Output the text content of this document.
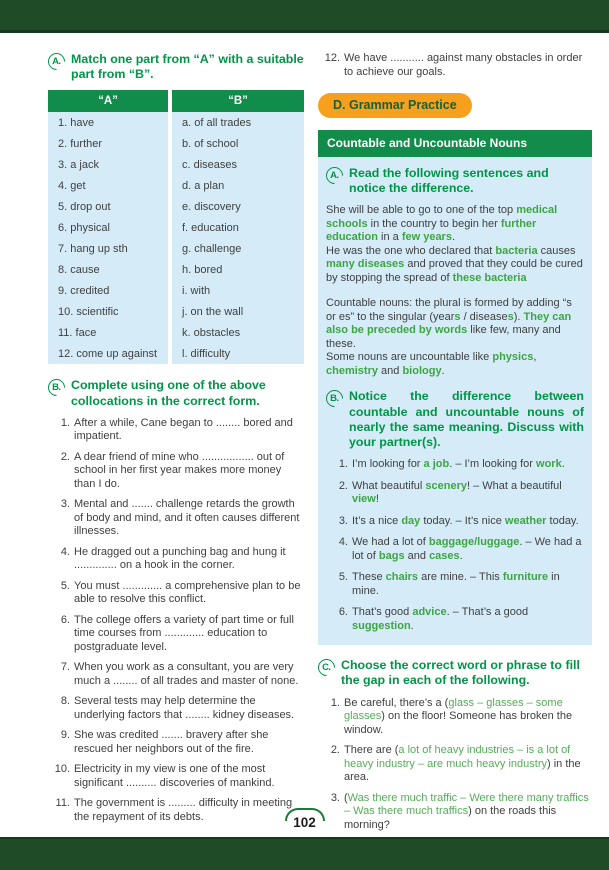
A. Match one part from “A” with a suitable part from “B”.
“A”	“B”
1. have	a. of all trades
2. further	b. of school
3. a jack	c. diseases
4. get	d. a plan
5. drop out	e. discovery
6. physical	f. education
7. hang up sth	g. challenge
8. cause	h. bored
9. credited	i. with
10. scientific	j. on the wall
11. face	k. obstacles
12. come up against	l. difficulty
B. Complete using one of the above collocations in the correct form.
1. After a while, Cane began to ........ bored and impatient.
2. A dear friend of mine who ................. out of school in her first year makes more money than I do.
3. Mental and ....... challenge retards the growth of body and mind, and it often causes different illnesses.
4. He dragged out a punching bag and hung it .............. on a hook in the corner.
5. You must ............. a comprehensive plan to be able to resolve this conflict.
6. The college offers a variety of part time or full time courses from ............. education to postgraduate level.
7. When you work as a consultant, you are very much a ........ of all trades and master of none.
8. Several tests may help determine the underlying factors that ........ kidney diseases.
9. She was credited ....... bravery after she rescued her neighbors out of the fire.
10. Electricity in my view is one of the most significant .......... discoveries of mankind.
11. The government is ......... difficulty in meeting the repayment of its debts.
12. We have ........... against many obstacles in order to achieve our goals.
D. Grammar Practice
Countable and Uncountable Nouns
A. Read the following sentences and notice the difference.

She will be able to go to one of the top medical schools in the country to begin her further education in a few years.

He was the one who declared that bacteria causes many diseases and proved that they could be cured by stopping the spread of these bacteria

Countable nouns: the plural is formed by adding “s or es” to the singular (years / diseases). They can also be preceded by words like few, many and these.

Some nouns are uncountable like physics, chemistry and biology.

B. Notice the difference between countable and uncountable nouns of nearly the same meaning. Discuss with your partner(s).
1. I’m looking for a job. – I’m looking for work.
2. What beautiful scenery! – What a beautiful view!
3. It’s a nice day today. – It’s nice weather today.
4. We had a lot of baggage/luggage. – We had a lot of bags and cases.
5. These chairs are mine. – This furniture in mine.
6. That’s good advice. – That’s a good suggestion.
C. Choose the correct word or phrase to fill the gap in each of the following.
1. Be careful, there’s a (glass – glasses – some glasses) on the floor! Someone has broken the window.
2. There are (a lot of heavy industries – is a lot of heavy industry – are much heavy industry) in the area.
3. (Was there much traffic – Were there many traffics – Was there much traffics) on the roads this morning?
102
